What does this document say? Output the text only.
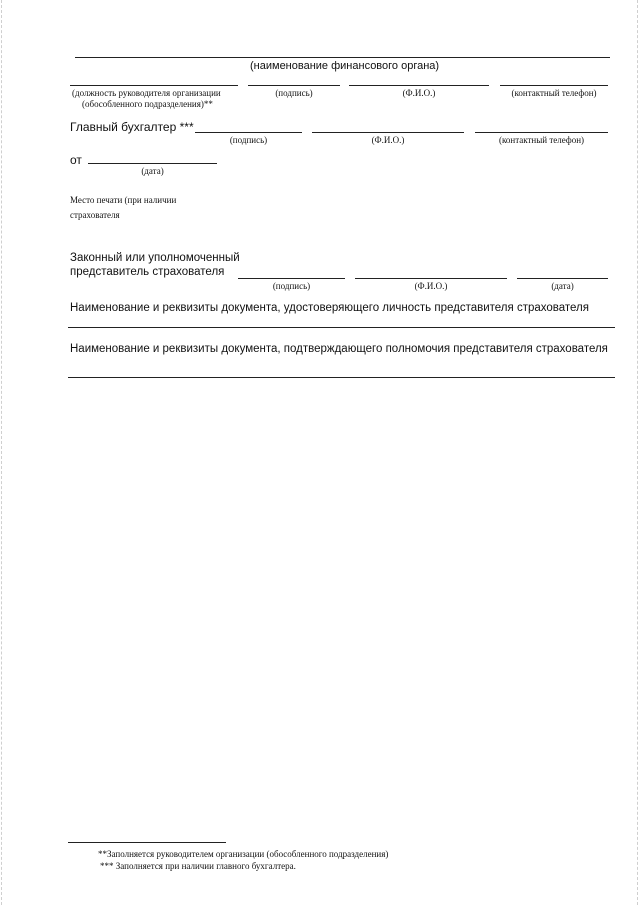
(наименование финансового органа)
(должность руководителя организации
(обособленного подразделения)**
(подпись)	(Ф.И.О.)	(контактный телефон)
Главный бухгалтер ***
(подпись)	(Ф.И.О.)	(контактный телефон)
от
(дата)
Место печати (при наличии
страхователя
Законный или уполномоченный
представитель страхователя
(подпись)	(Ф.И.О.)	(дата)
Наименование и реквизиты документа, удостоверяющего личность представителя страхователя
Наименование и реквизиты документа, подтверждающего полномочия представителя страхователя
**Заполняется руководителем организации (обособленного подразделения)
*** Заполняется при наличии главного бухгалтера.
